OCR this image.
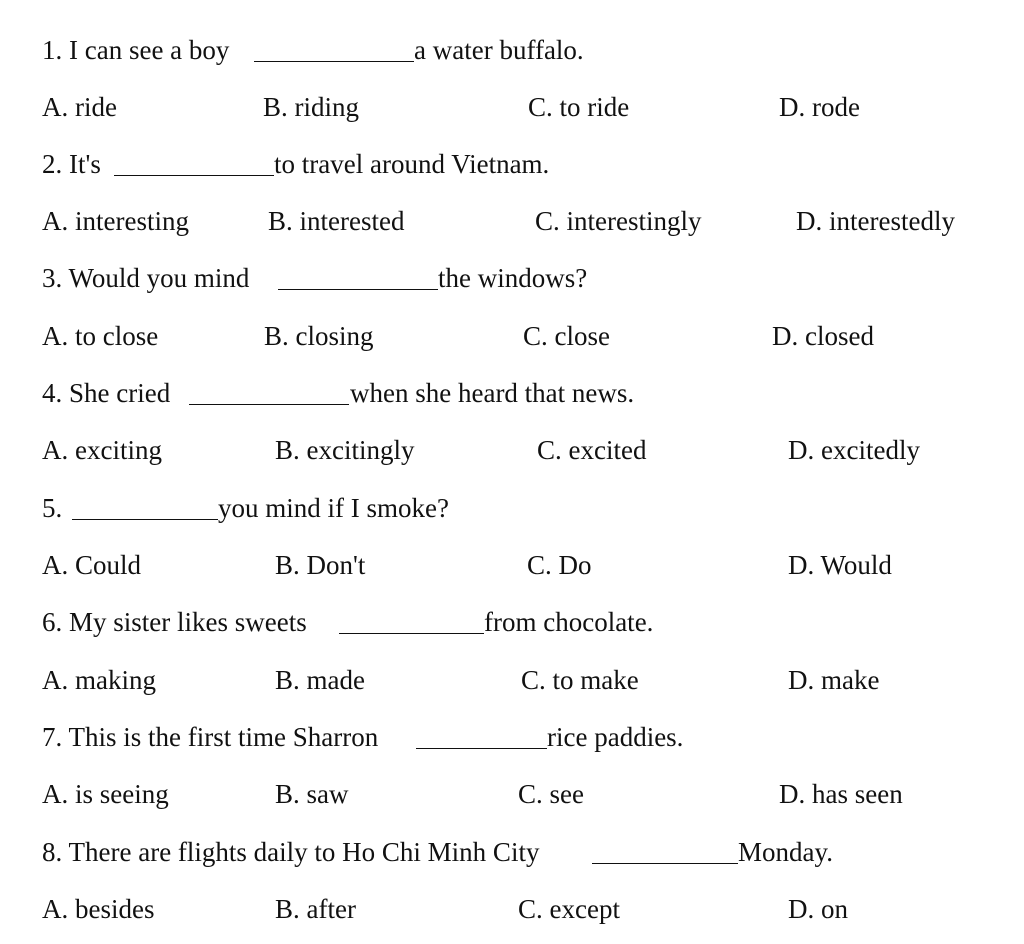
1. I can see a boy	a water buffalo.
A. ride	B. riding	C. to ride	D. rode
2. It's	to travel around Vietnam.
A. interesting	B. interested	C. interestingly	D. interestedly
3. Would you mind	the windows?
A. to close	B. closing	C. close	D. closed
4. She cried	when she heard that news.
A. exciting	B. excitingly	C. excited	D. excitedly
5.	you mind if I smoke?
A. Could	B. Don't	C. Do	D. Would
6. My sister likes sweets	from chocolate.
A. making	B. made	C. to make	D. make
7. This is the first time Sharron	rice paddies.
A. is seeing	B. saw	C. see	D. has seen
8. There are flights daily to Ho Chi Minh City	Monday.
A. besides	B. after	C. except	D. on
